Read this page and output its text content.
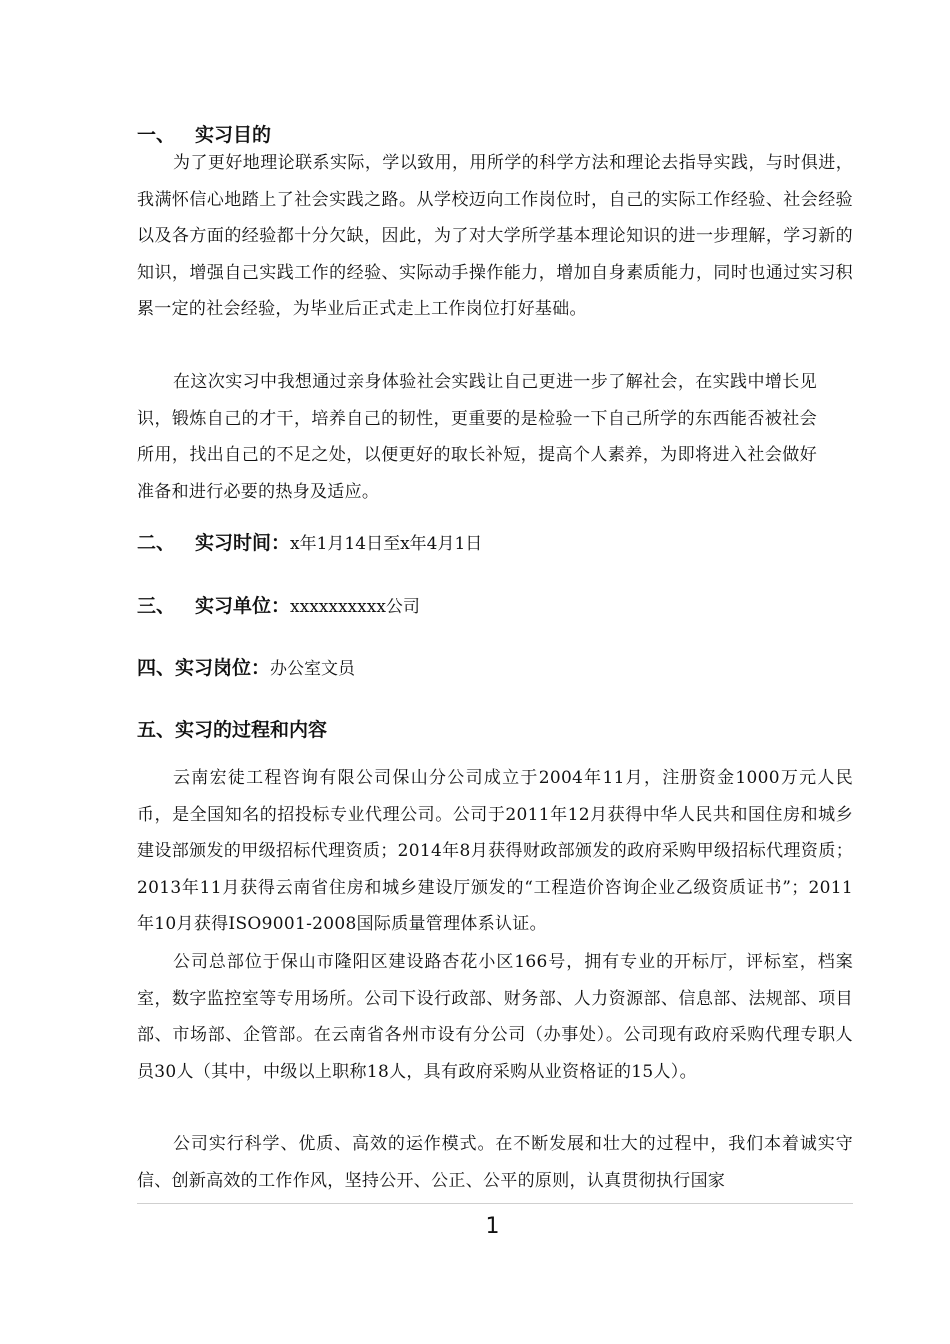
一、 实习目的
为了更好地理论联系实际，学以致用，用所学的科学方法和理论去指导实践，与时俱进，我满怀信心地踏上了社会实践之路。从学校迈向工作岗位时，自己的实际工作经验、社会经验以及各方面的经验都十分欠缺，因此，为了对大学所学基本理论知识的进一步理解，学习新的知识，增强自己实践工作的经验、实际动手操作能力，增加自身素质能力，同时也通过实习积累一定的社会经验，为毕业后正式走上工作岗位打好基础。
在这次实习中我想通过亲身体验社会实践让自己更进一步了解社会，在实践中增长见识，锻炼自己的才干，培养自己的韧性，更重要的是检验一下自己所学的东西能否被社会所用，找出自己的不足之处，以便更好的取长补短，提高个人素养，为即将进入社会做好准备和进行必要的热身及适应。
二、 实习时间：x年1月14日至x年4月1日
三、 实习单位：xxxxxxxxxx公司
四、实习岗位：办公室文员
五、实习的过程和内容
云南宏徒工程咨询有限公司保山分公司成立于2004年11月，注册资金1000万元人民币，是全国知名的招投标专业代理公司。公司于2011年12月获得中华人民共和国住房和城乡建设部颁发的甲级招标代理资质；2014年8月获得财政部颁发的政府采购甲级招标代理资质；2013年11月获得云南省住房和城乡建设厅颁发的“工程造价咨询企业乙级资质证书”；2011年10月获得ISO9001-2008国际质量管理体系认证。
公司总部位于保山市隆阳区建设路杏花小区166号，拥有专业的开标厅，评标室，档案室，数字监控室等专用场所。公司下设行政部、财务部、人力资源部、信息部、法规部、项目部、市场部、企管部。在云南省各州市设有分公司（办事处）。公司现有政府采购代理专职人员30人（其中，中级以上职称18人，具有政府采购从业资格证的15人）。
公司实行科学、优质、高效的运作模式。在不断发展和壮大的过程中，我们本着诚实守信、创新高效的工作作风，坚持公开、公正、公平的原则，认真贯彻执行国家
1
